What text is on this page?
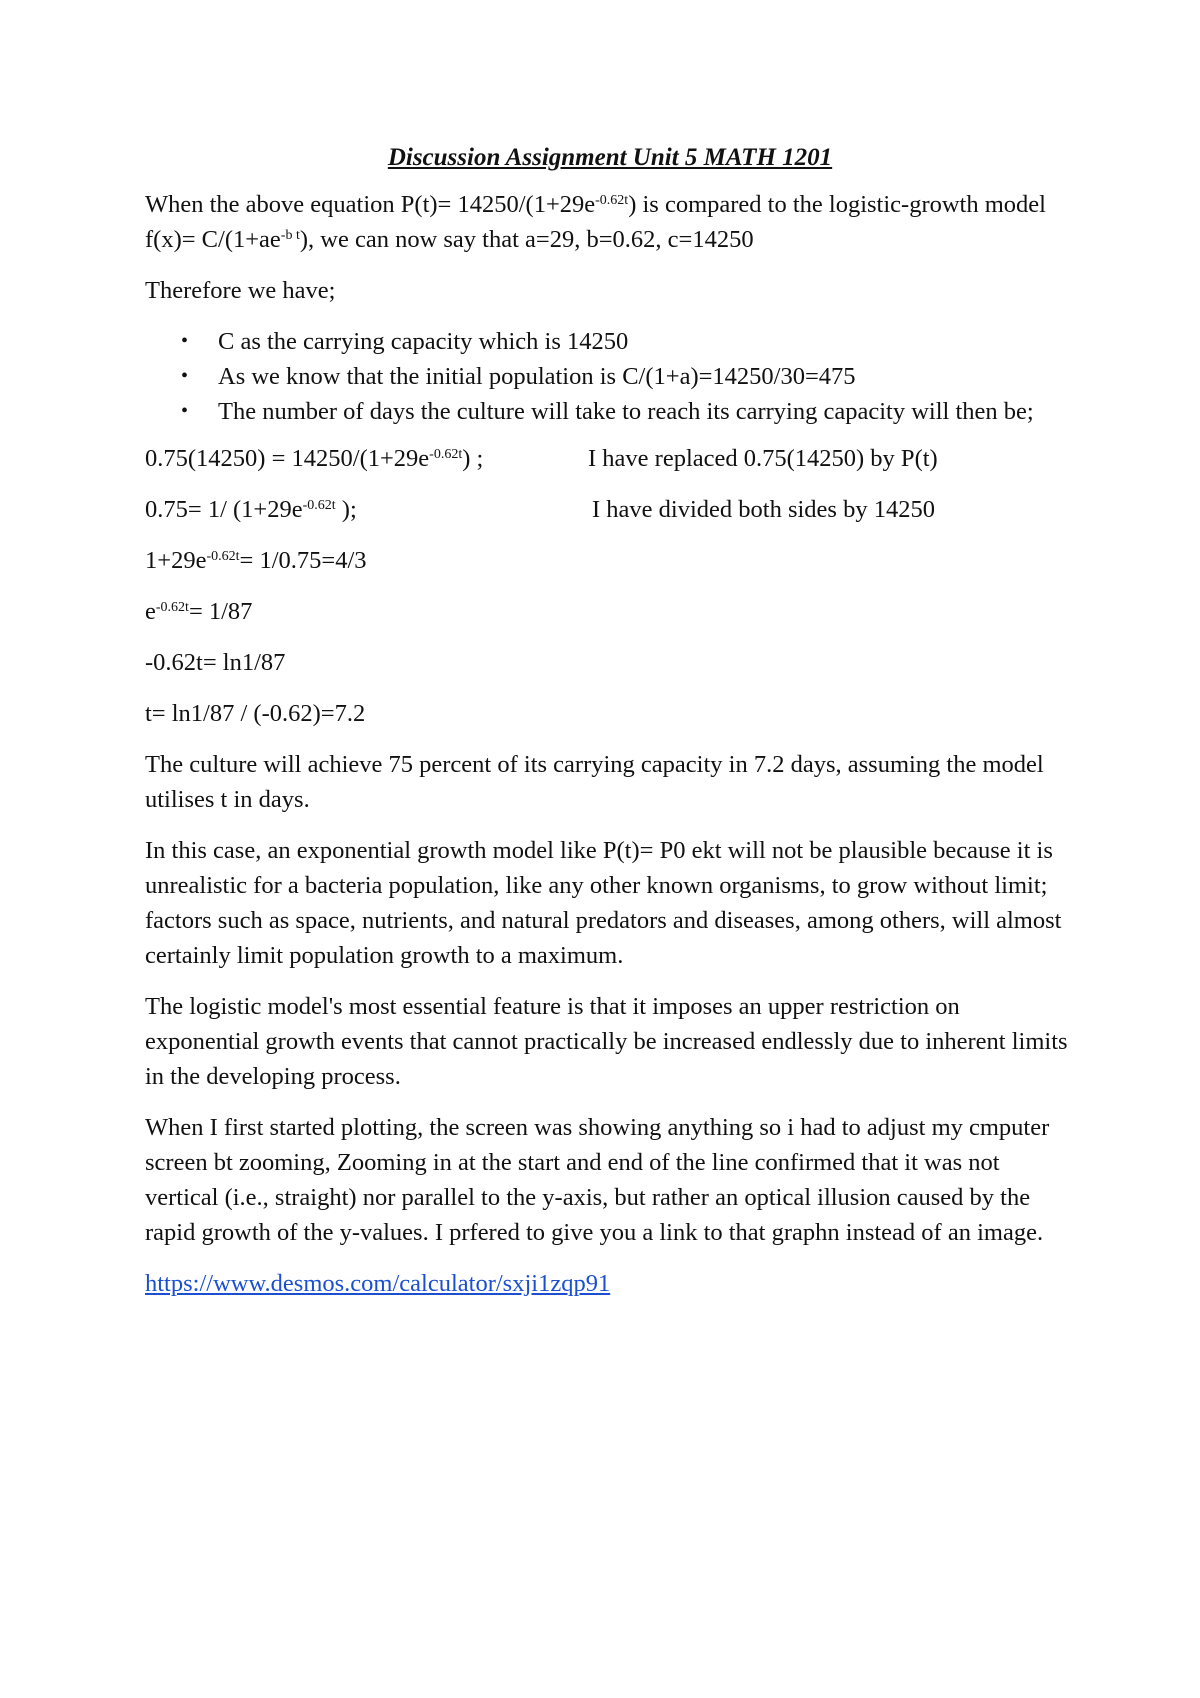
Discussion Assignment Unit 5 MATH 1201

When the above equation $P(t)= 14250/(1+29e^{-0.62t})$ is compared to the logistic-growth model $f(x)= C/(1+ae^{-b t})$, we can now say that a=29, b=0.62, c=14250

Therefore we have;

• C as the carrying capacity which is 14250
• As we know that the initial population is C/(1+a)=14250/30=475
• The number of days the culture will take to reach its carrying capacity will then be;
$0.75(14250) = 14250/(1+29e^{-0.62t})$ ;	I have replaced 0.75(14250) by P(t)
0.75= 1/ ($1+29e^{-0.62t}$ );	I have divided both sides by 14250
$1+29e^{-0.62t}= 1/0.75=4/3$
$e^{-0.62t}= 1/87$
-0.62t= ln1/87
t= ln1/87 / (-0.62)=7.2

The culture will achieve 75 percent of its carrying capacity in 7.2 days, assuming the model utilises t in days.

In this case, an exponential growth model like P(t)= P0 ekt will not be plausible because it is unrealistic for a bacteria population, like any other known organisms, to grow without limit; factors such as space, nutrients, and natural predators and diseases, among others, will almost certainly limit population growth to a maximum.

The logistic model's most essential feature is that it imposes an upper restriction on exponential growth events that cannot practically be increased endlessly due to inherent limits in the developing process.

When I first started plotting, the screen was showing anything so i had to adjust my cmputer screen bt zooming, Zooming in at the start and end of the line confirmed that it was not vertical (i.e., straight) nor parallel to the y-axis, but rather an optical illusion caused by the rapid growth of the y-values. I prfered to give you a link to that graphn instead of an image.

https://www.desmos.com/calculator/sxji1zqp91
